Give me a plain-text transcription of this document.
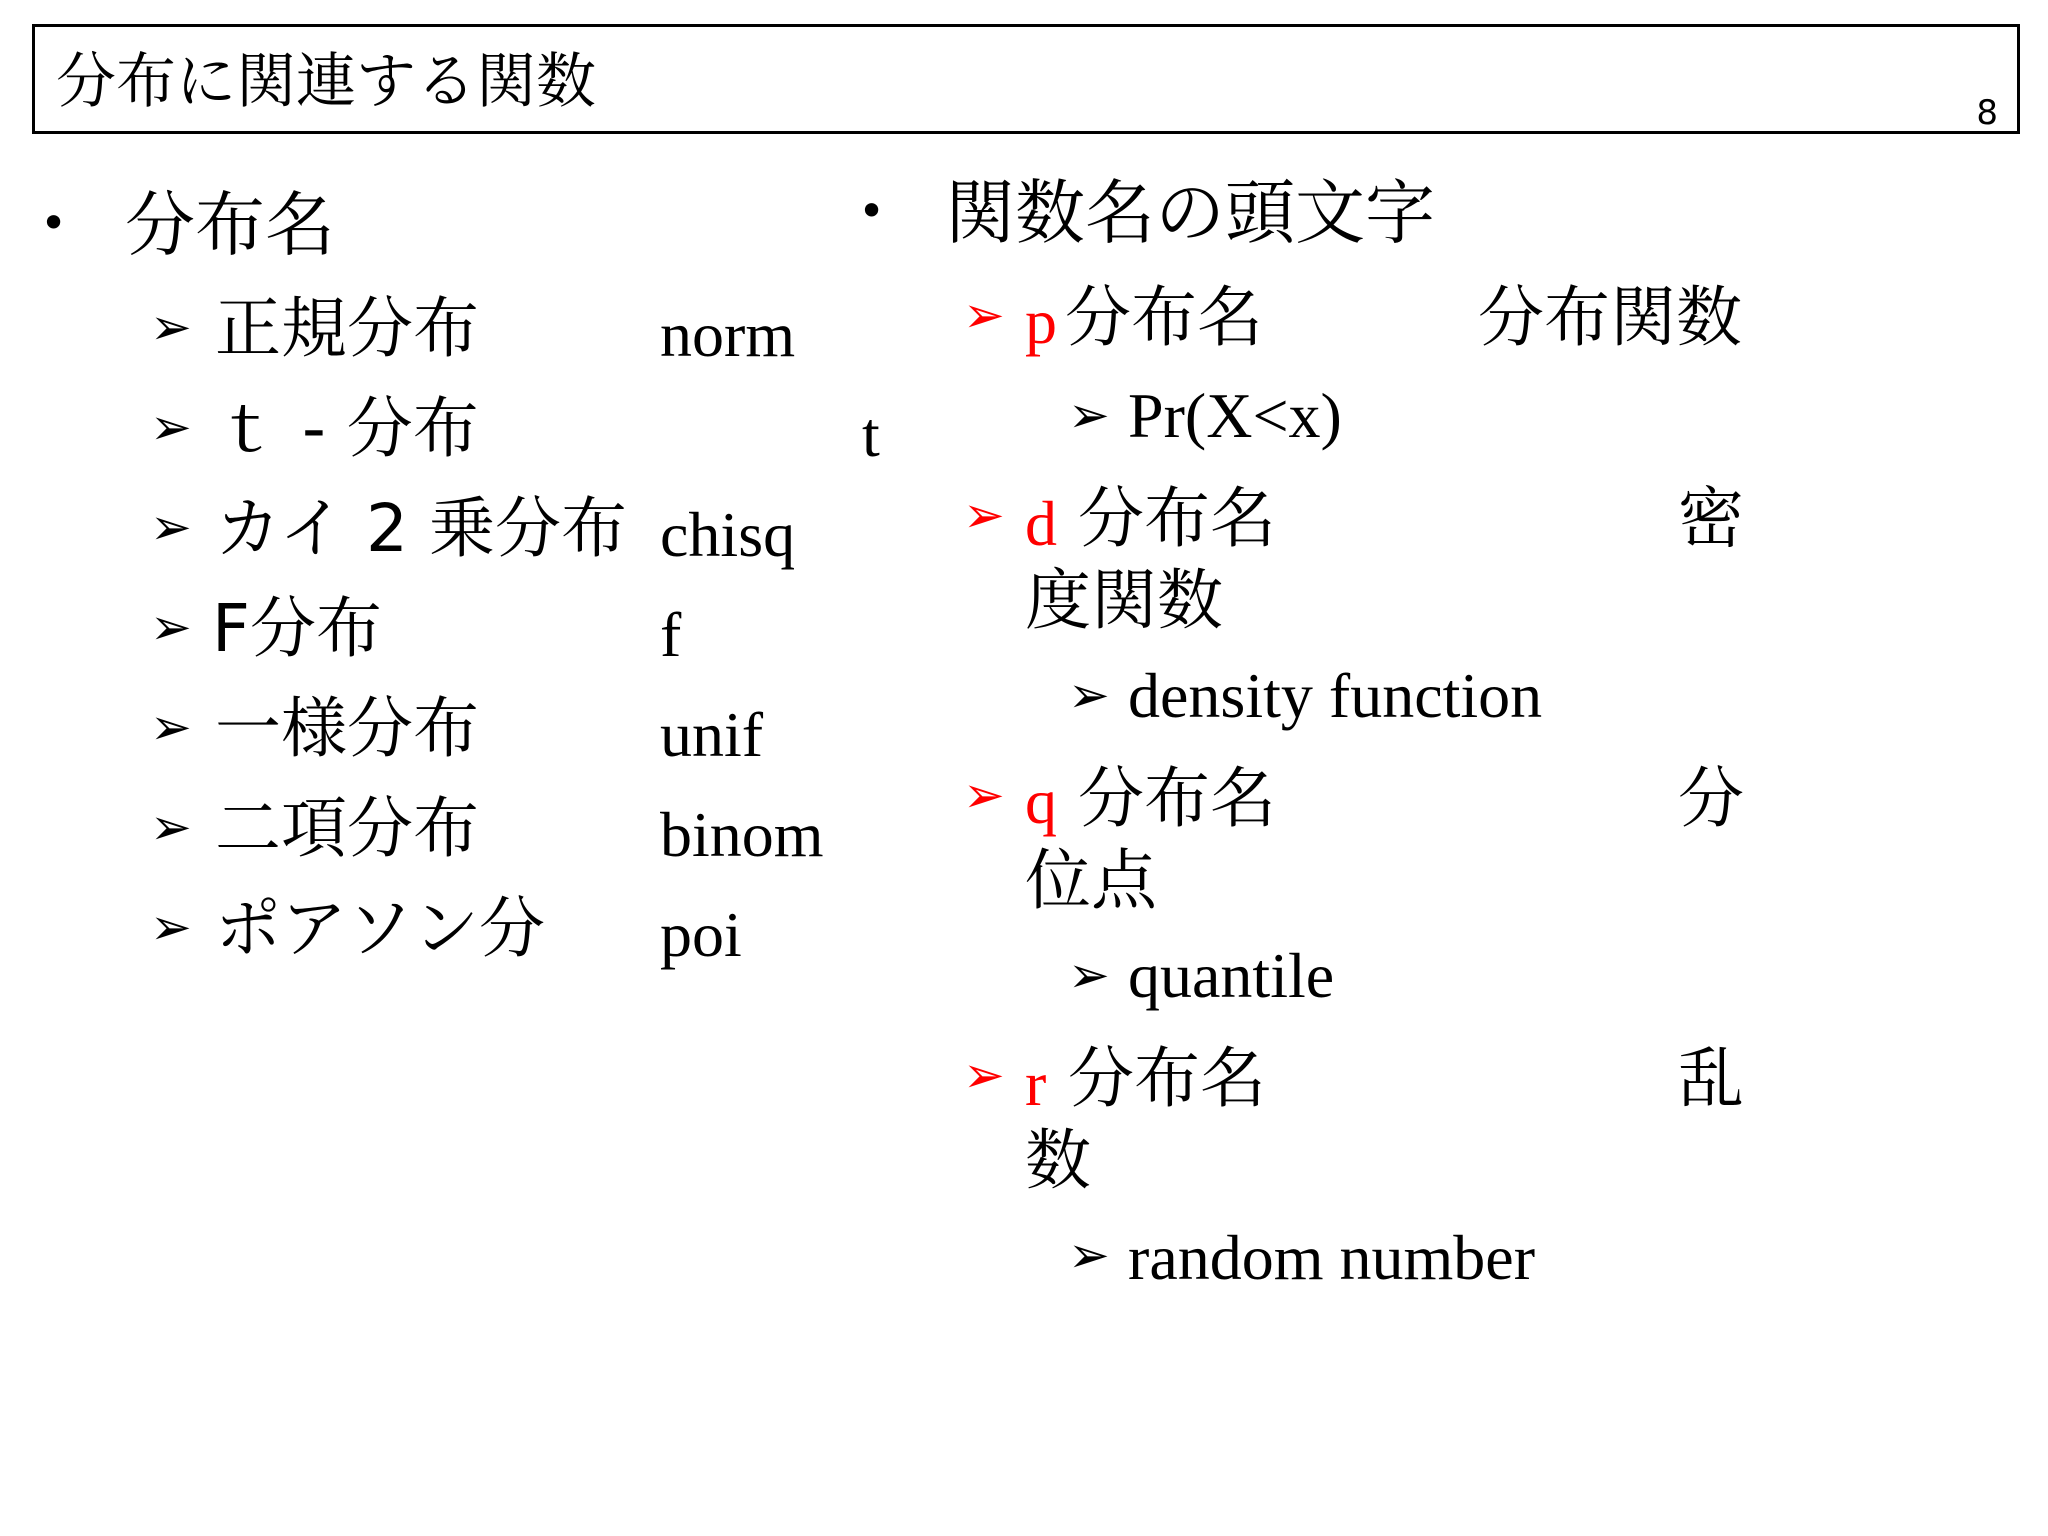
分布に関連する関数	8
• 分布名
➢ 正規分布	norm
➢ ｔ - 分布	t
➢ カイ 2 乗分布 chisq
➢ F分布	f
➢ 一様分布	unif
➢ 二項分布	binom
➢ ポアソン分 poi
• 関数名の頭文字
➢ p 分布名	分布関数
➢ Pr(X<x)
➢ d 分布名	密
度関数
➢ density function
➢ q 分布名	分
位点
➢ quantile
➢ r 分布名	乱
数
➢ random number
